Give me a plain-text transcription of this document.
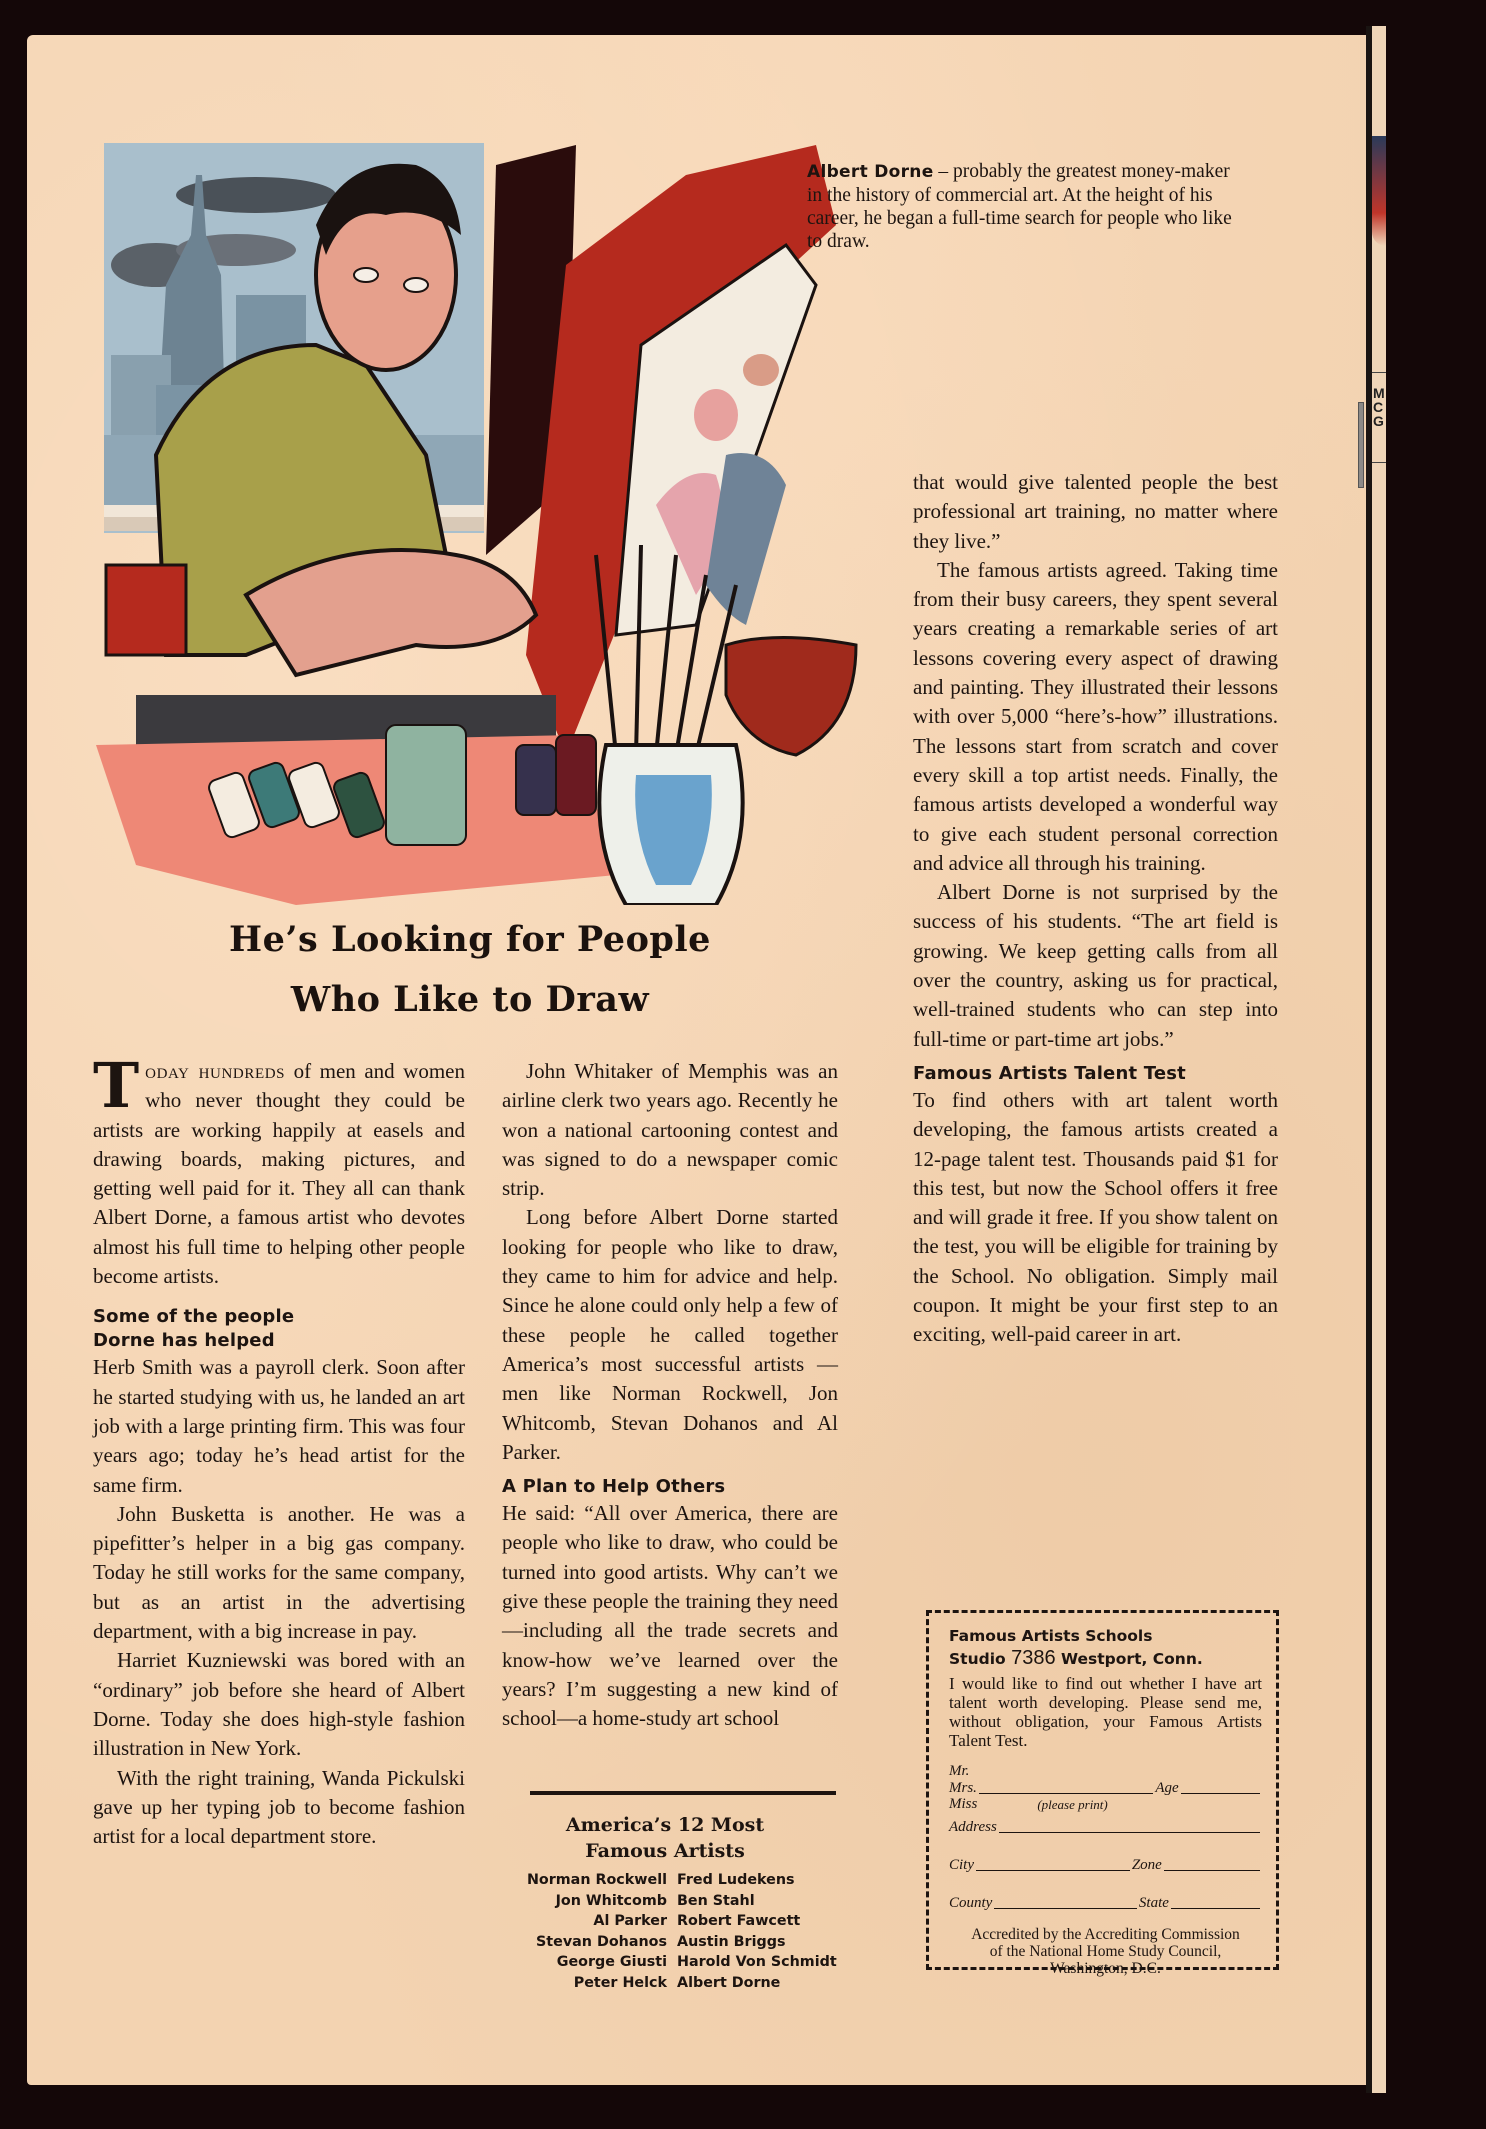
M C G
Albert Dorne – probably the greatest money-maker in the history of commercial art. At the height of his career, he began a full-time search for people who like to draw.
He’s Looking for People
Who Like to Draw

Today hundreds of men and women who never thought they could be artists are working happily at easels and drawing boards, making pictures, and getting well paid for it. They all can thank Albert Dorne, a famous artist who devotes almost his full time to helping other people become artists.

Some of the people
Dorne has helped

Herb Smith was a payroll clerk. Soon after he started studying with us, he landed an art job with a large printing firm. This was four years ago; today he’s head artist for the same firm.

John Busketta is another. He was a pipefitter’s helper in a big gas company. Today he still works for the same company, but as an artist in the advertising department, with a big increase in pay.

Harriet Kuzniewski was bored with an “ordinary” job before she heard of Albert Dorne. Today she does high-style fashion illustration in New York.

With the right training, Wanda Pickulski gave up her typing job to become fashion artist for a local department store.

John Whitaker of Memphis was an airline clerk two years ago. Recently he won a national cartooning contest and was signed to do a newspaper comic strip.

Long before Albert Dorne started looking for people who like to draw, they came to him for advice and help. Since he alone could only help a few of these people he called together America’s most successful artists —men like Norman Rockwell, Jon Whitcomb, Stevan Dohanos and Al Parker.

A Plan to Help Others

He said: “All over America, there are people who like to draw, who could be turned into good artists. Why can’t we give these people the training they need—including all the trade secrets and know-how we’ve learned over the years? I’m suggesting a new kind of school—a home-study art school

America’s 12 Most
Famous Artists
Norman Rockwell	Fred Ludekens
Jon Whitcomb	Ben Stahl
Al Parker	Robert Fawcett
Stevan Dohanos	Austin Briggs
George Giusti	Harold Von Schmidt
Peter Helck	Albert Dorne

that would give talented people the best professional art training, no matter where they live.”

The famous artists agreed. Taking time from their busy careers, they spent several years creating a remarkable series of art lessons covering every aspect of drawing and painting. They illustrated their lessons with over 5,000 “here’s-how” illustrations. The lessons start from scratch and cover every skill a top artist needs. Finally, the famous artists developed a wonderful way to give each student personal correction and advice all through his training.

Albert Dorne is not surprised by the success of his students. “The art field is growing. We keep getting calls from all over the country, asking us for practical, well-trained students who can step into full-time or part-time art jobs.”

Famous Artists Talent Test

To find others with art talent worth developing, the famous artists created a 12-page talent test. Thousands paid $1 for this test, but now the School offers it free and will grade it free. If you show talent on the test, you will be eligible for training by the School. No obligation. Simply mail coupon. It might be your first step to an exciting, well-paid career in art.

Famous Artists Schools
Studio 7386 Westport, Conn.
I would like to find out whether I have art talent worth developing. Please send me, without obligation, your Famous Artists Talent Test.
Mr.
Mrs.	Age
Miss	(please print)
Address
City	Zone
County	State
Accredited by the Accrediting Commission of the National Home Study Council, Washington, D.C.
